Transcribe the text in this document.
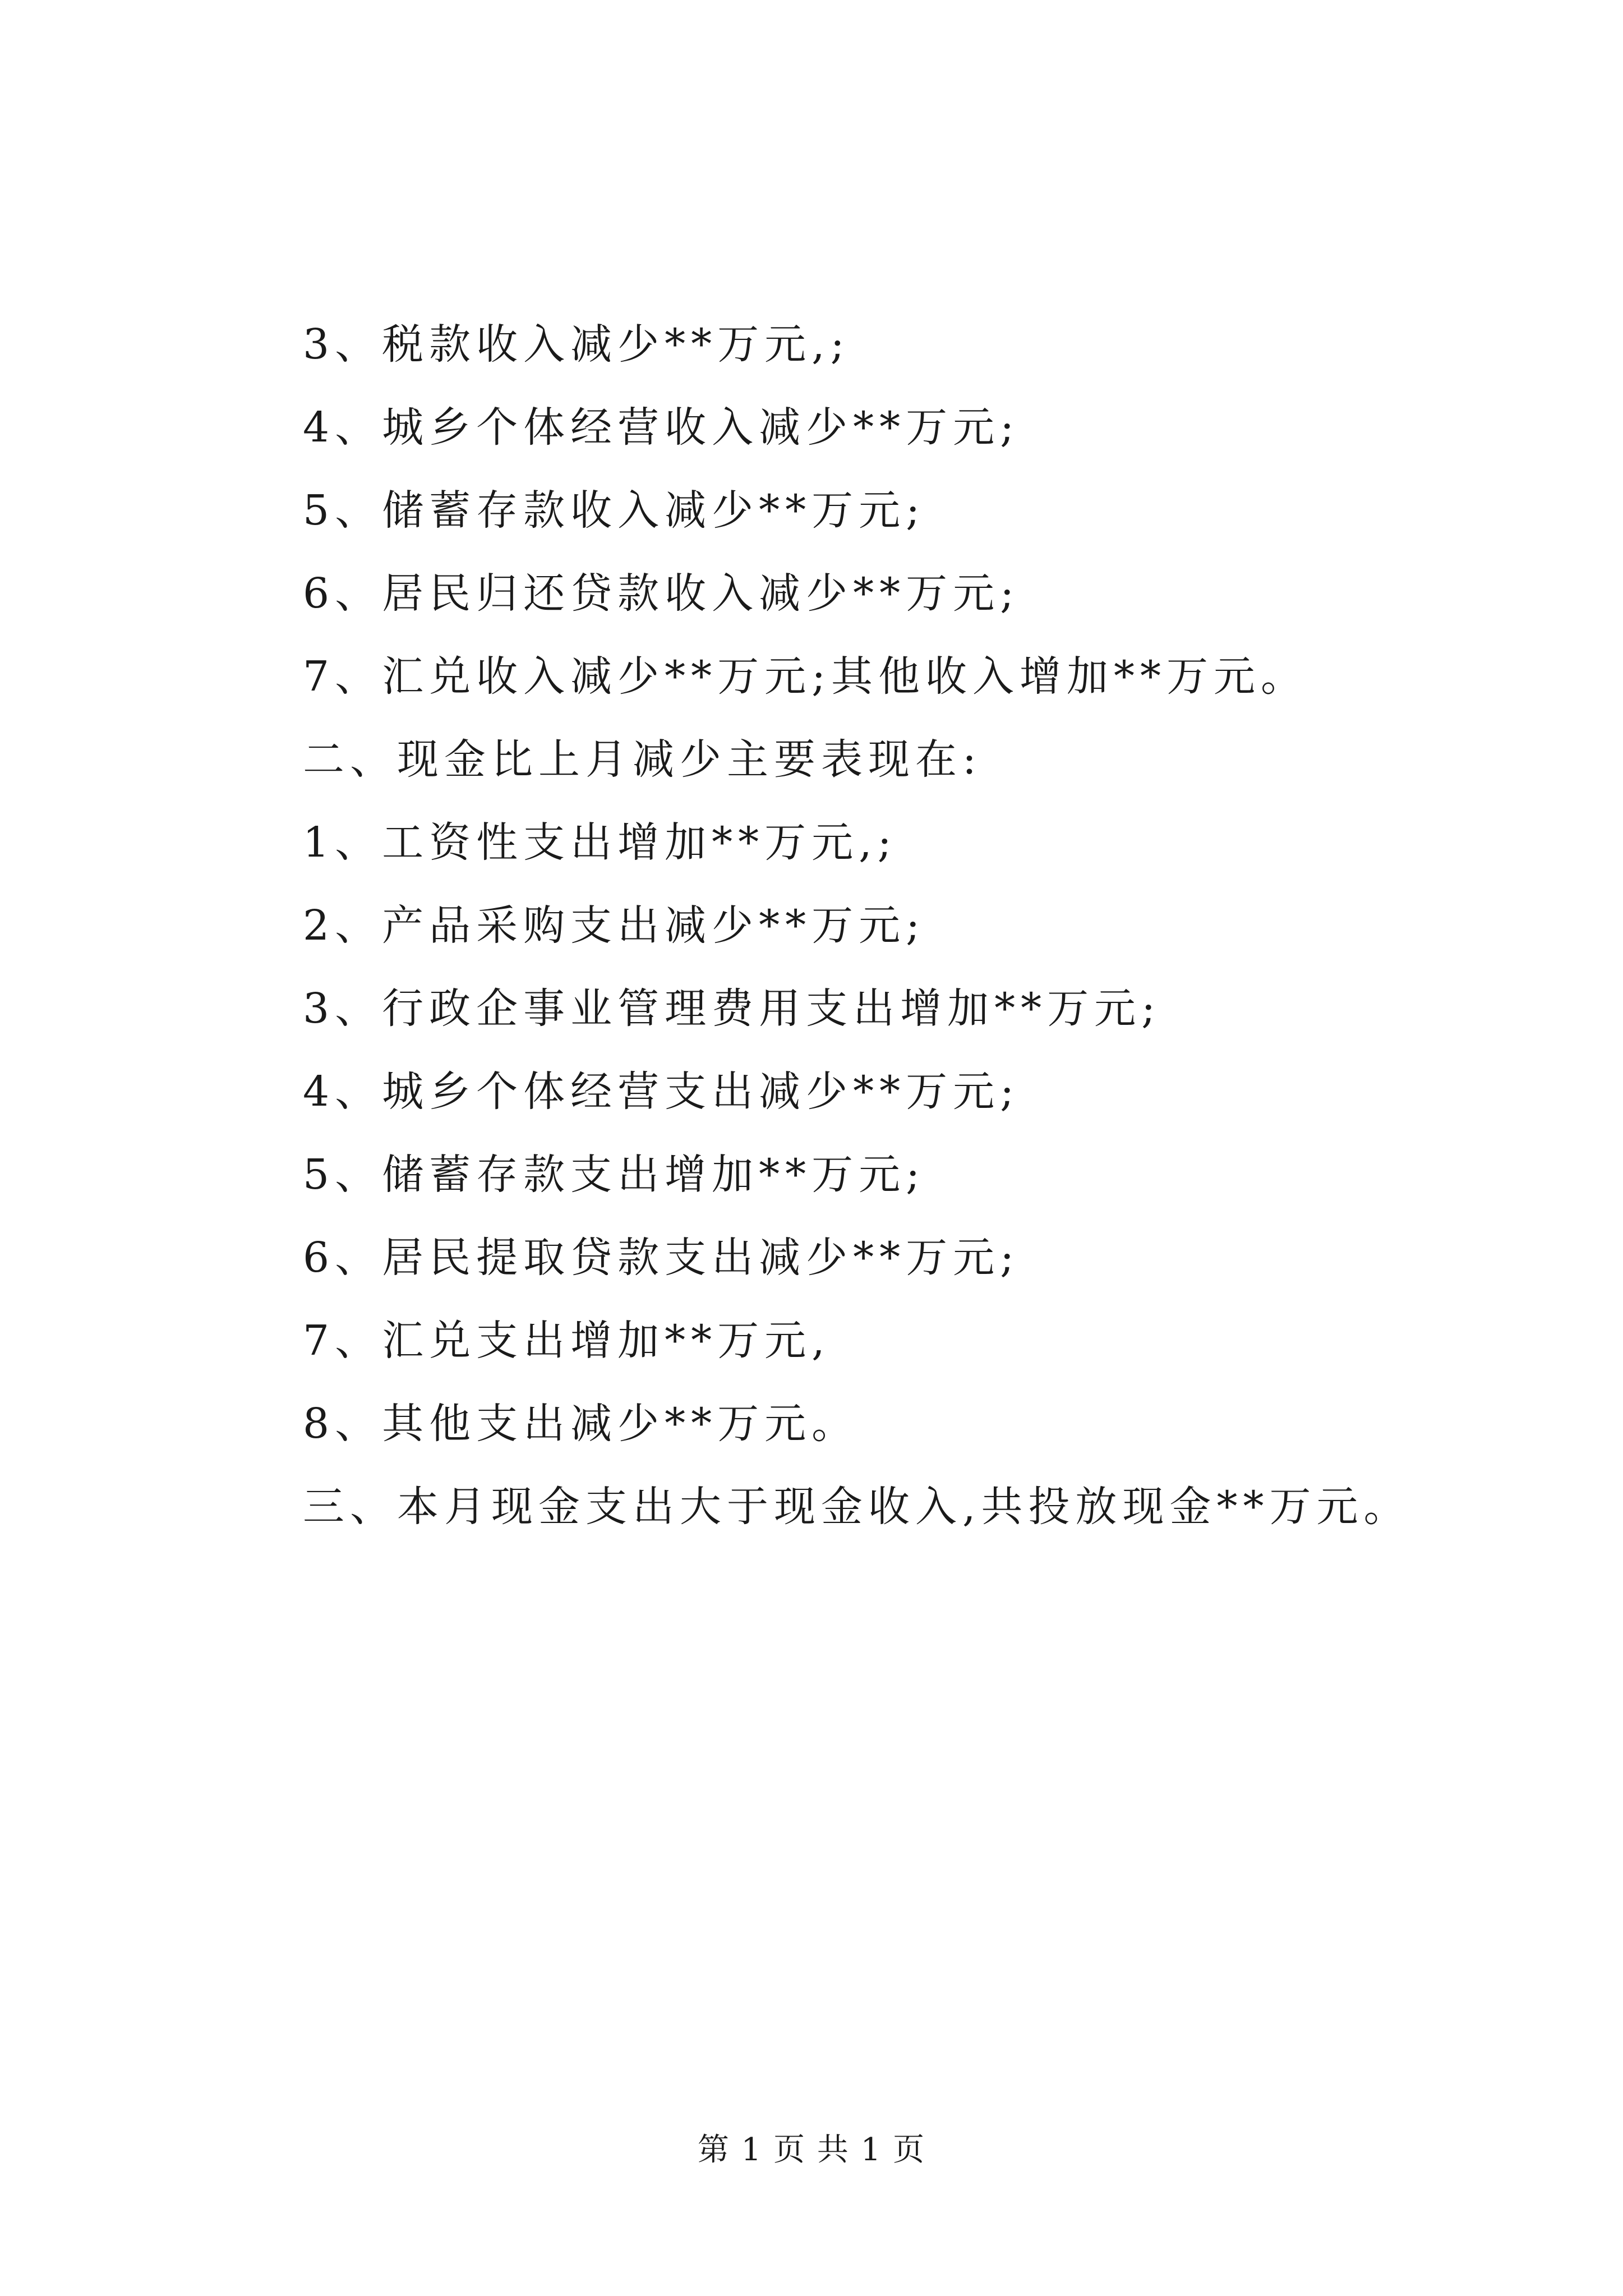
3、税款收入减少**万元,;
4、城乡个体经营收入减少**万元;
5、储蓄存款收入减少**万元;
6、居民归还贷款收入减少**万元;
7、汇兑收入减少**万元;其他收入增加**万元。
二、现金比上月减少主要表现在:
1、工资性支出增加**万元,;
2、产品采购支出减少**万元;
3、行政企事业管理费用支出增加**万元;
4、城乡个体经营支出减少**万元;
5、储蓄存款支出增加**万元;
6、居民提取贷款支出减少**万元;
7、汇兑支出增加**万元,
8、其他支出减少**万元。
三、本月现金支出大于现金收入,共投放现金**万元。
第 1 页 共 1 页
